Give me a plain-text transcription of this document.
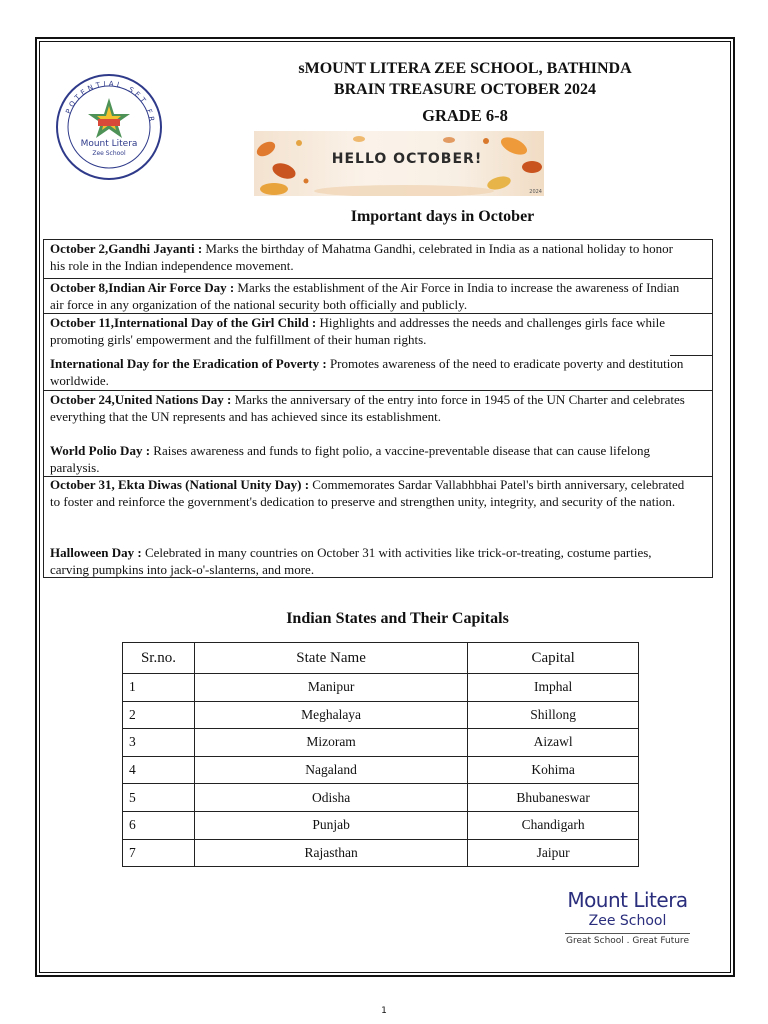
POTENTIAL SET FR
Mount Litera
Zee School
sMOUNT LITERA ZEE SCHOOL, BATHINDA
BRAIN TREASURE OCTOBER 2024
GRADE 6-8
HELLO OCTOBER!
2024
Important days in October
October 2,Gandhi Jayanti : Marks the birthday of Mahatma Gandhi, celebrated in India as a national holiday to honor his role in the Indian independence movement.
October 8,Indian Air Force Day : Marks the establishment of the Air Force in India to increase the awareness of Indian air force in any organization of the national security both officially and publicly.
October 11,International Day of the Girl Child : Highlights and addresses the needs and challenges girls face while promoting girls' empowerment and the fulfillment of their human rights.
International Day for the Eradication of Poverty : Promotes awareness of the need to eradicate poverty and destitution worldwide.
October 24,United Nations Day : Marks the anniversary of the entry into force in 1945 of the UN Charter and celebrates everything that the UN represents and has achieved since its establishment.
World Polio Day : Raises awareness and funds to fight polio, a vaccine-preventable disease that can cause lifelong paralysis.
October 31, Ekta Diwas (National Unity Day) : Commemorates Sardar Vallabhbhai Patel's birth anniversary, celebrated to foster and reinforce the government's dedication to preserve and strengthen unity, integrity, and security of the nation.
Halloween Day : Celebrated in many countries on October 31 with activities like trick-or-treating, costume parties, carving pumpkins into jack-o'-slanterns, and more.
Indian States and Their Capitals
Sr.no.	State Name	Capital
1	Manipur	Imphal
2	Meghalaya	Shillong
3	Mizoram	Aizawl
4	Nagaland	Kohima
5	Odisha	Bhubaneswar
6	Punjab	Chandigarh
7	Rajasthan	Jaipur
Mount Litera
Zee School
Great School . Great Future
1
